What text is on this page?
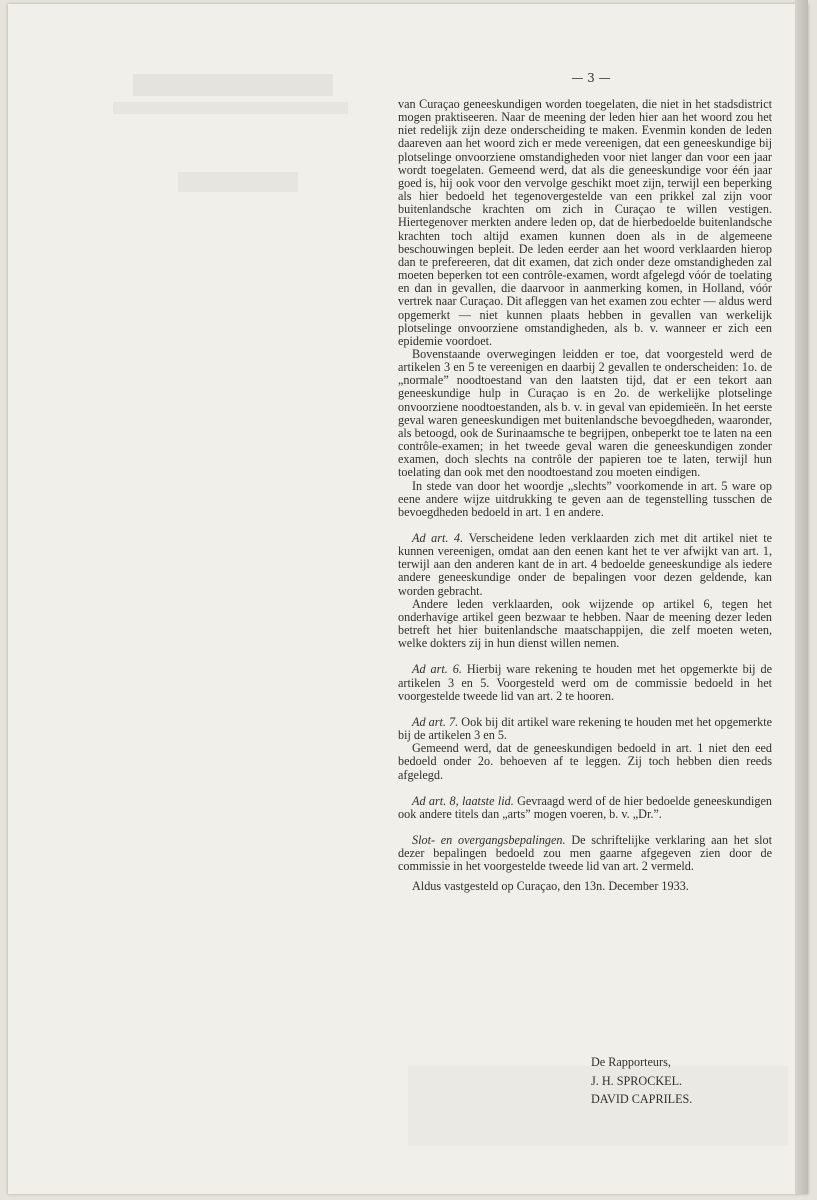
— 3 —

van Curaçao geneeskundigen worden toegelaten, die niet in het stadsdistrict mogen praktiseeren. Naar de meening der leden hier aan het woord zou het niet redelijk zijn deze onderscheiding te maken. Evenmin konden de leden daareven aan het woord zich er mede vereenigen, dat een geneeskundige bij plotselinge onvoorziene omstandigheden voor niet langer dan voor een jaar wordt toegelaten. Gemeend werd, dat als die geneeskundige voor één jaar goed is, hij ook voor den vervolge geschikt moet zijn, terwijl een beperking als hier bedoeld het tegenovergestelde van een prikkel zal zijn voor buitenlandsche krachten om zich in Curaçao te willen vestigen. Hiertegenover merkten andere leden op, dat de hierbedoelde buitenlandsche krachten toch altijd examen kunnen doen als in de algemeene beschouwingen bepleit. De leden eerder aan het woord verklaarden hierop dan te prefereeren, dat dit examen, dat zich onder deze omstandigheden zal moeten beperken tot een contrôle-examen, wordt afgelegd vóór de toelating en dan in gevallen, die daarvoor in aanmerking komen, in Holland, vóór vertrek naar Curaçao. Dit afleggen van het examen zou echter — aldus werd opgemerkt — niet kunnen plaats hebben in gevallen van werkelijk plotselinge onvoorziene omstandigheden, als b. v. wanneer er zich een epidemie voordoet.

Bovenstaande overwegingen leidden er toe, dat voorgesteld werd de artikelen 3 en 5 te vereenigen en daarbij 2 gevallen te onderscheiden: 1o. de „normale” noodtoestand van den laatsten tijd, dat er een tekort aan geneeskundige hulp in Curaçao is en 2o. de werkelijke plotselinge onvoorziene noodtoestanden, als b. v. in geval van epidemieën. In het eerste geval waren geneeskundigen met buitenlandsche bevoegdheden, waaronder, als betoogd, ook de Surinaamsche te begrijpen, onbeperkt toe te laten na een contrôle-examen; in het tweede geval waren die geneeskundigen zonder examen, doch slechts na contrôle der papieren toe te laten, terwijl hun toelating dan ook met den noodtoestand zou moeten eindigen.

In stede van door het woordje „slechts” voorkomende in art. 5 ware op eene andere wijze uitdrukking te geven aan de tegenstelling tusschen de bevoegdheden bedoeld in art. 1 en andere.

Ad art. 4. Verscheidene leden verklaarden zich met dit artikel niet te kunnen vereenigen, omdat aan den eenen kant het te ver afwijkt van art. 1, terwijl aan den anderen kant de in art. 4 bedoelde geneeskundige als iedere andere geneeskundige onder de bepalingen voor dezen geldende, kan worden gebracht.

Andere leden verklaarden, ook wijzende op artikel 6, tegen het onderhavige artikel geen bezwaar te hebben. Naar de meening dezer leden betreft het hier buitenlandsche maatschappijen, die zelf moeten weten, welke dokters zij in hun dienst willen nemen.

Ad art. 6. Hierbij ware rekening te houden met het opgemerkte bij de artikelen 3 en 5. Voorgesteld werd om de commissie bedoeld in het voorgestelde tweede lid van art. 2 te hooren.

Ad art. 7. Ook bij dit artikel ware rekening te houden met het opgemerkte bij de artikelen 3 en 5.

Gemeend werd, dat de geneeskundigen bedoeld in art. 1 niet den eed bedoeld onder 2o. behoeven af te leggen. Zij toch hebben dien reeds afgelegd.

Ad art. 8, laatste lid. Gevraagd werd of de hier bedoelde geneeskundigen ook andere titels dan „arts” mogen voeren, b. v. „Dr.”.

Slot- en overgangsbepalingen. De schriftelijke verklaring aan het slot dezer bepalingen bedoeld zou men gaarne afgegeven zien door de commissie in het voorgestelde tweede lid van art. 2 vermeld.

Aldus vastgesteld op Curaçao, den 13n. December 1933.

De Rapporteurs,
J. H. SPROCKEL.
DAVID CAPRILES.
